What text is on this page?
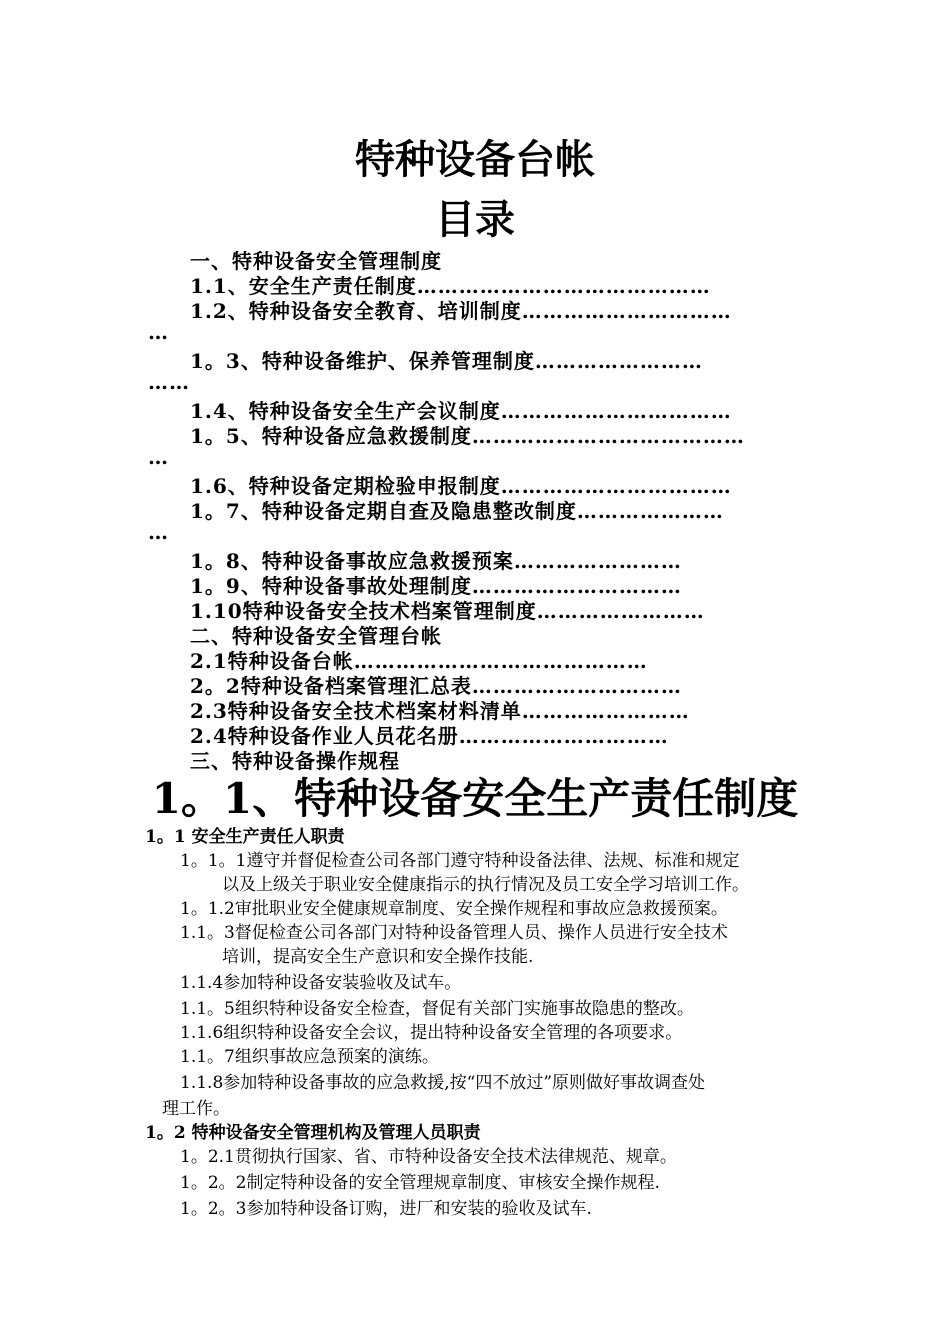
特种设备台帐
目录
一、特种设备安全管理制度
1.1、安全生产责任制度……………………………………
1.2、特种设备安全教育、培训制度…………………………
…
1。3、特种设备维护、保养管理制度……………………
……
1.4、特种设备安全生产会议制度……………………………
1。5、特种设备应急救援制度…………………………………
…
1.6、特种设备定期检验申报制度……………………………
1。7、特种设备定期自查及隐患整改制度…………………
…
1。8、特种设备事故应急救援预案……………………
1。9、特种设备事故处理制度…………………………
1.10特种设备安全技术档案管理制度……………………
二、特种设备安全管理台帐
2.1特种设备台帐……………………………………
2。2特种设备档案管理汇总表…………………………
2.3特种设备安全技术档案材料清单……………………
2.4特种设备作业人员花名册…………………………
三、特种设备操作规程
1。1、特种设备安全生产责任制度
1。1 安全生产责任人职责
1。1。1遵守并督促检查公司各部门遵守特种设备法律、法规、标准和规定
以及上级关于职业安全健康指示的执行情况及员工安全学习培训工作。
1。1.2审批职业安全健康规章制度、安全操作规程和事故应急救援预案。
1.1。3督促检查公司各部门对特种设备管理人员、操作人员进行安全技术
培训，提高安全生产意识和安全操作技能.
1.1.4参加特种设备安装验收及试车。
1.1。5组织特种设备安全检查，督促有关部门实施事故隐患的整改。
1.1.6组织特种设备安全会议，提出特种设备安全管理的各项要求。
1.1。7组织事故应急预案的演练。
1.1.8参加特种设备事故的应急救援,按“四不放过”原则做好事故调查处
理工作。
1。2 特种设备安全管理机构及管理人员职责
1。2.1贯彻执行国家、省、市特种设备安全技术法律规范、规章。
1。2。2制定特种设备的安全管理规章制度、审核安全操作规程.
1。2。3参加特种设备订购，进厂和安装的验收及试车.
